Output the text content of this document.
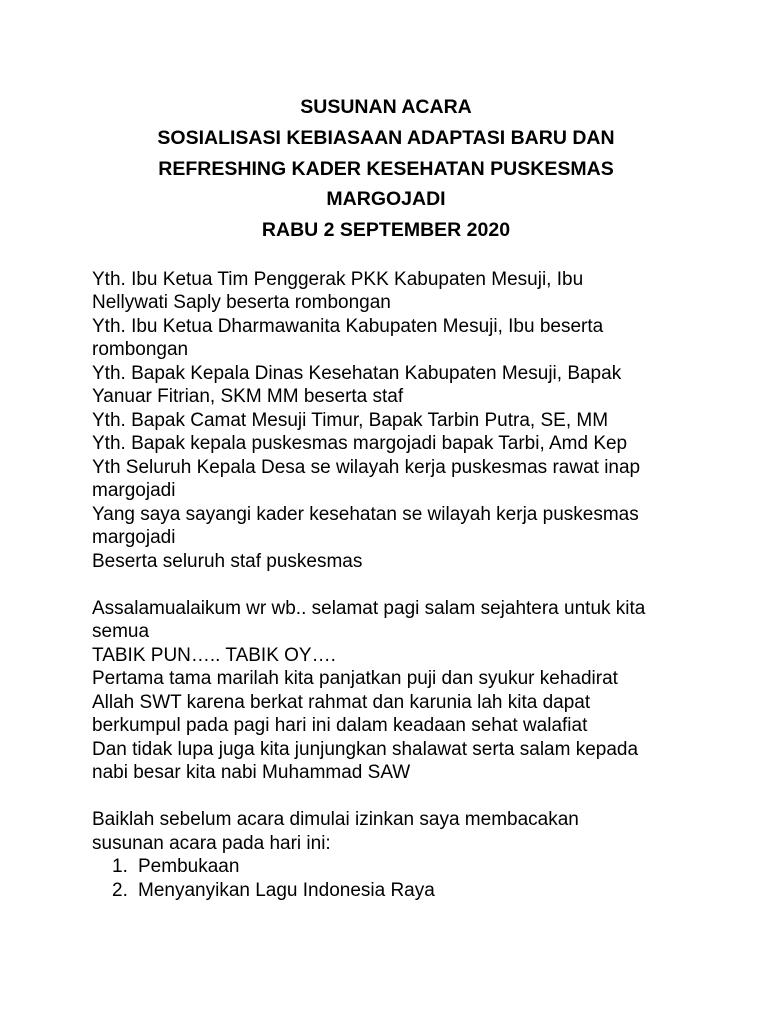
SUSUNAN ACARA
SOSIALISASI KEBIASAAN ADAPTASI BARU DAN
REFRESHING KADER KESEHATAN PUSKESMAS
MARGOJADI
RABU 2 SEPTEMBER 2020
Yth. Ibu Ketua Tim Penggerak PKK Kabupaten Mesuji, Ibu
Nellywati Saply beserta rombongan
Yth. Ibu Ketua Dharmawanita Kabupaten Mesuji, Ibu beserta
rombongan
Yth. Bapak Kepala Dinas Kesehatan Kabupaten Mesuji, Bapak
Yanuar Fitrian, SKM MM beserta staf
Yth. Bapak Camat Mesuji Timur, Bapak Tarbin Putra, SE, MM
Yth. Bapak kepala puskesmas margojadi bapak Tarbi, Amd Kep
Yth Seluruh Kepala Desa se wilayah kerja puskesmas rawat inap
margojadi
Yang saya sayangi kader kesehatan se wilayah kerja puskesmas
margojadi
Beserta seluruh staf puskesmas
Assalamualaikum wr wb.. selamat pagi salam sejahtera untuk kita
semua
TABIK PUN….. TABIK OY….
Pertama tama marilah kita panjatkan puji dan syukur kehadirat
Allah SWT karena berkat rahmat dan karunia lah kita dapat
berkumpul pada pagi hari ini dalam keadaan sehat walafiat
Dan tidak lupa juga kita junjungkan shalawat serta salam kepada
nabi besar kita nabi Muhammad SAW
Baiklah sebelum acara dimulai izinkan saya membacakan
susunan acara pada hari ini:
1. Pembukaan
2. Menyanyikan Lagu Indonesia Raya
